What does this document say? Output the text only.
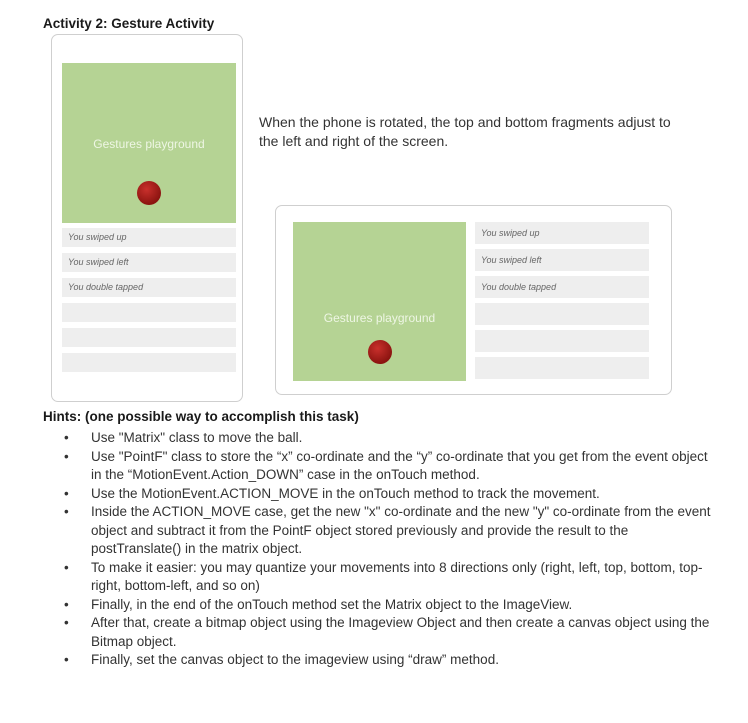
Activity 2: Gesture Activity
Gestures playground
You swiped up
You swiped left
You double tapped
When the phone is rotated, the top and bottom fragments adjust to the left and right of the screen.
Gestures playground
You swiped up
You swiped left
You double tapped
Hints: (one possible way to accomplish this task)
• Use "Matrix" class to move the ball.
• Use "PointF" class to store the “x” co-ordinate and the “y” co-ordinate that you get from the event object in the “MotionEvent.Action_DOWN” case in the onTouch method.
• Use the MotionEvent.ACTION_MOVE in the onTouch method to track the movement.
• Inside the ACTION_MOVE case, get the new "x" co-ordinate and the new "y" co-ordinate from the event object and subtract it from the PointF object stored previously and provide the result to the postTranslate() in the matrix object.
• To make it easier: you may quantize your movements into 8 directions only (right, left, top, bottom, top-right, bottom-left, and so on)
• Finally, in the end of the onTouch method set the Matrix object to the ImageView.
• After that, create a bitmap object using the Imageview Object and then create a canvas object using the Bitmap object.
• Finally, set the canvas object to the imageview using “draw” method.
